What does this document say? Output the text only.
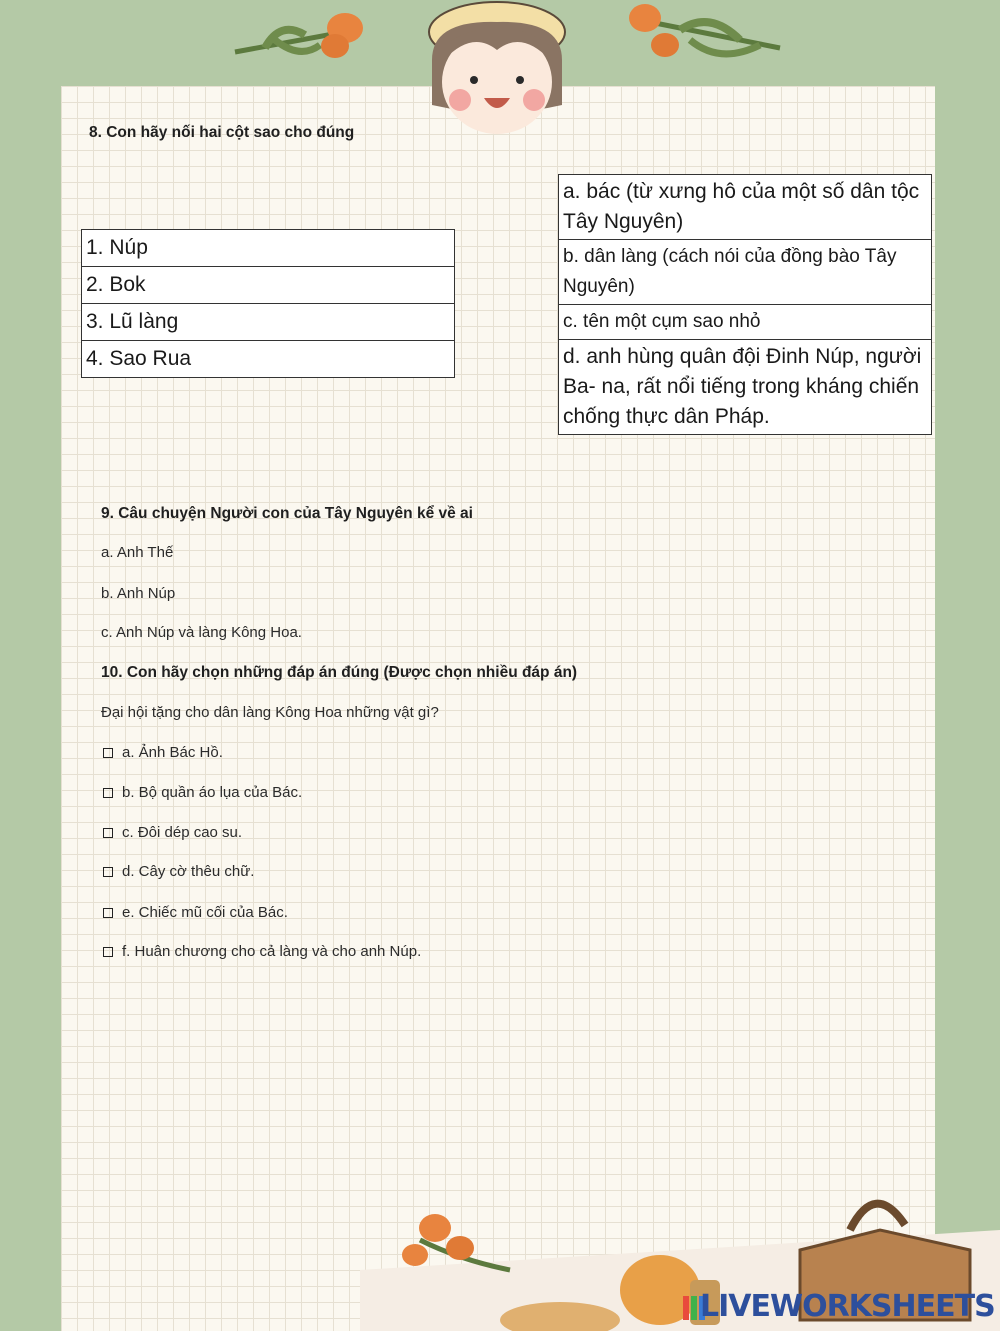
8. Con hãy nối hai cột sao cho đúng
1. Núp
2. Bok
3. Lũ làng
4. Sao Rua
a. bác (từ xưng hô của một số dân tộc Tây Nguyên)
b. dân làng (cách nói của đồng bào Tây Nguyên)
c. tên một cụm sao nhỏ
d. anh hùng quân đội Đinh Núp, người Ba- na, rất nổi tiếng trong kháng chiến chống thực dân Pháp.
9. Câu chuyện Người con của Tây Nguyên kể về ai
a. Anh Thế
b. Anh Núp
c. Anh Núp và làng Kông Hoa.
10. Con hãy chọn những đáp án đúng (Được chọn nhiều đáp án)
Đại hội tặng cho dân làng Kông Hoa những vật gì?
a. Ảnh Bác Hồ.
b. Bộ quần áo lụa của Bác.
c. Đôi dép cao su.
d. Cây cờ thêu chữ.
e. Chiếc mũ cối của Bác.
f. Huân chương cho cả làng và cho anh Núp.
LIVEWORKSHEETS
